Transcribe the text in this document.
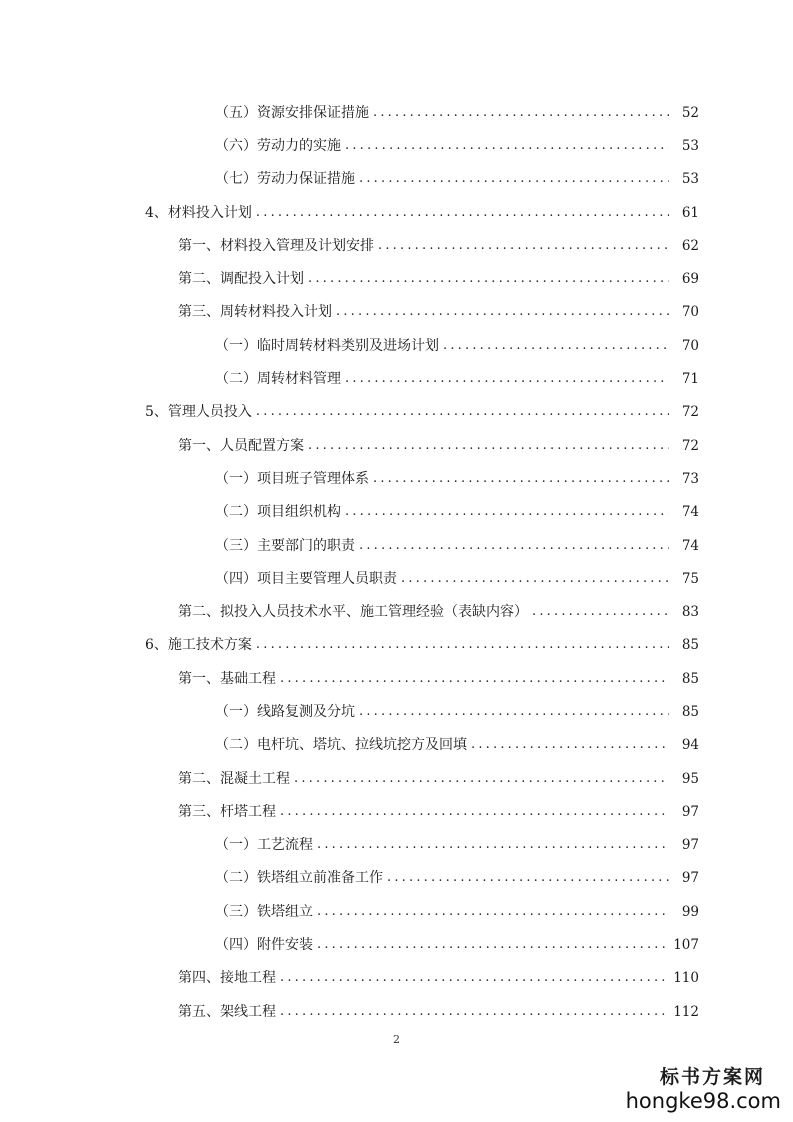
（五）资源安排保证措施 .....	52
（六）劳动力的实施 .....	53
（七）劳动力保证措施 .....	53
4、材料投入计划 .....	61
第一、材料投入管理及计划安排 .....	62
第二、调配投入计划 .....	69
第三、周转材料投入计划 .....	70
（一）临时周转材料类别及进场计划 .....	70
（二）周转材料管理 .....	71
5、管理人员投入 .....	72
第一、人员配置方案 .....	72
（一）项目班子管理体系 .....	73
（二）项目组织机构 .....	74
（三）主要部门的职责 .....	74
（四）项目主要管理人员职责 .....	75
第二、拟投入人员技术水平、施工管理经验（表缺内容） .....	83
6、施工技术方案 .....	85
第一、基础工程 .....	85
（一）线路复测及分坑 .....	85
（二）电杆坑、塔坑、拉线坑挖方及回填 .....	94
第二、混凝土工程 .....	95
第三、杆塔工程 .....	97
（一）工艺流程 .....	97
（二）铁塔组立前准备工作 .....	97
（三）铁塔组立 .....	99
（四）附件安装 .....	107
第四、接地工程 .....	110
第五、架线工程 .....	112
2
标书方案网
hongke98.com
